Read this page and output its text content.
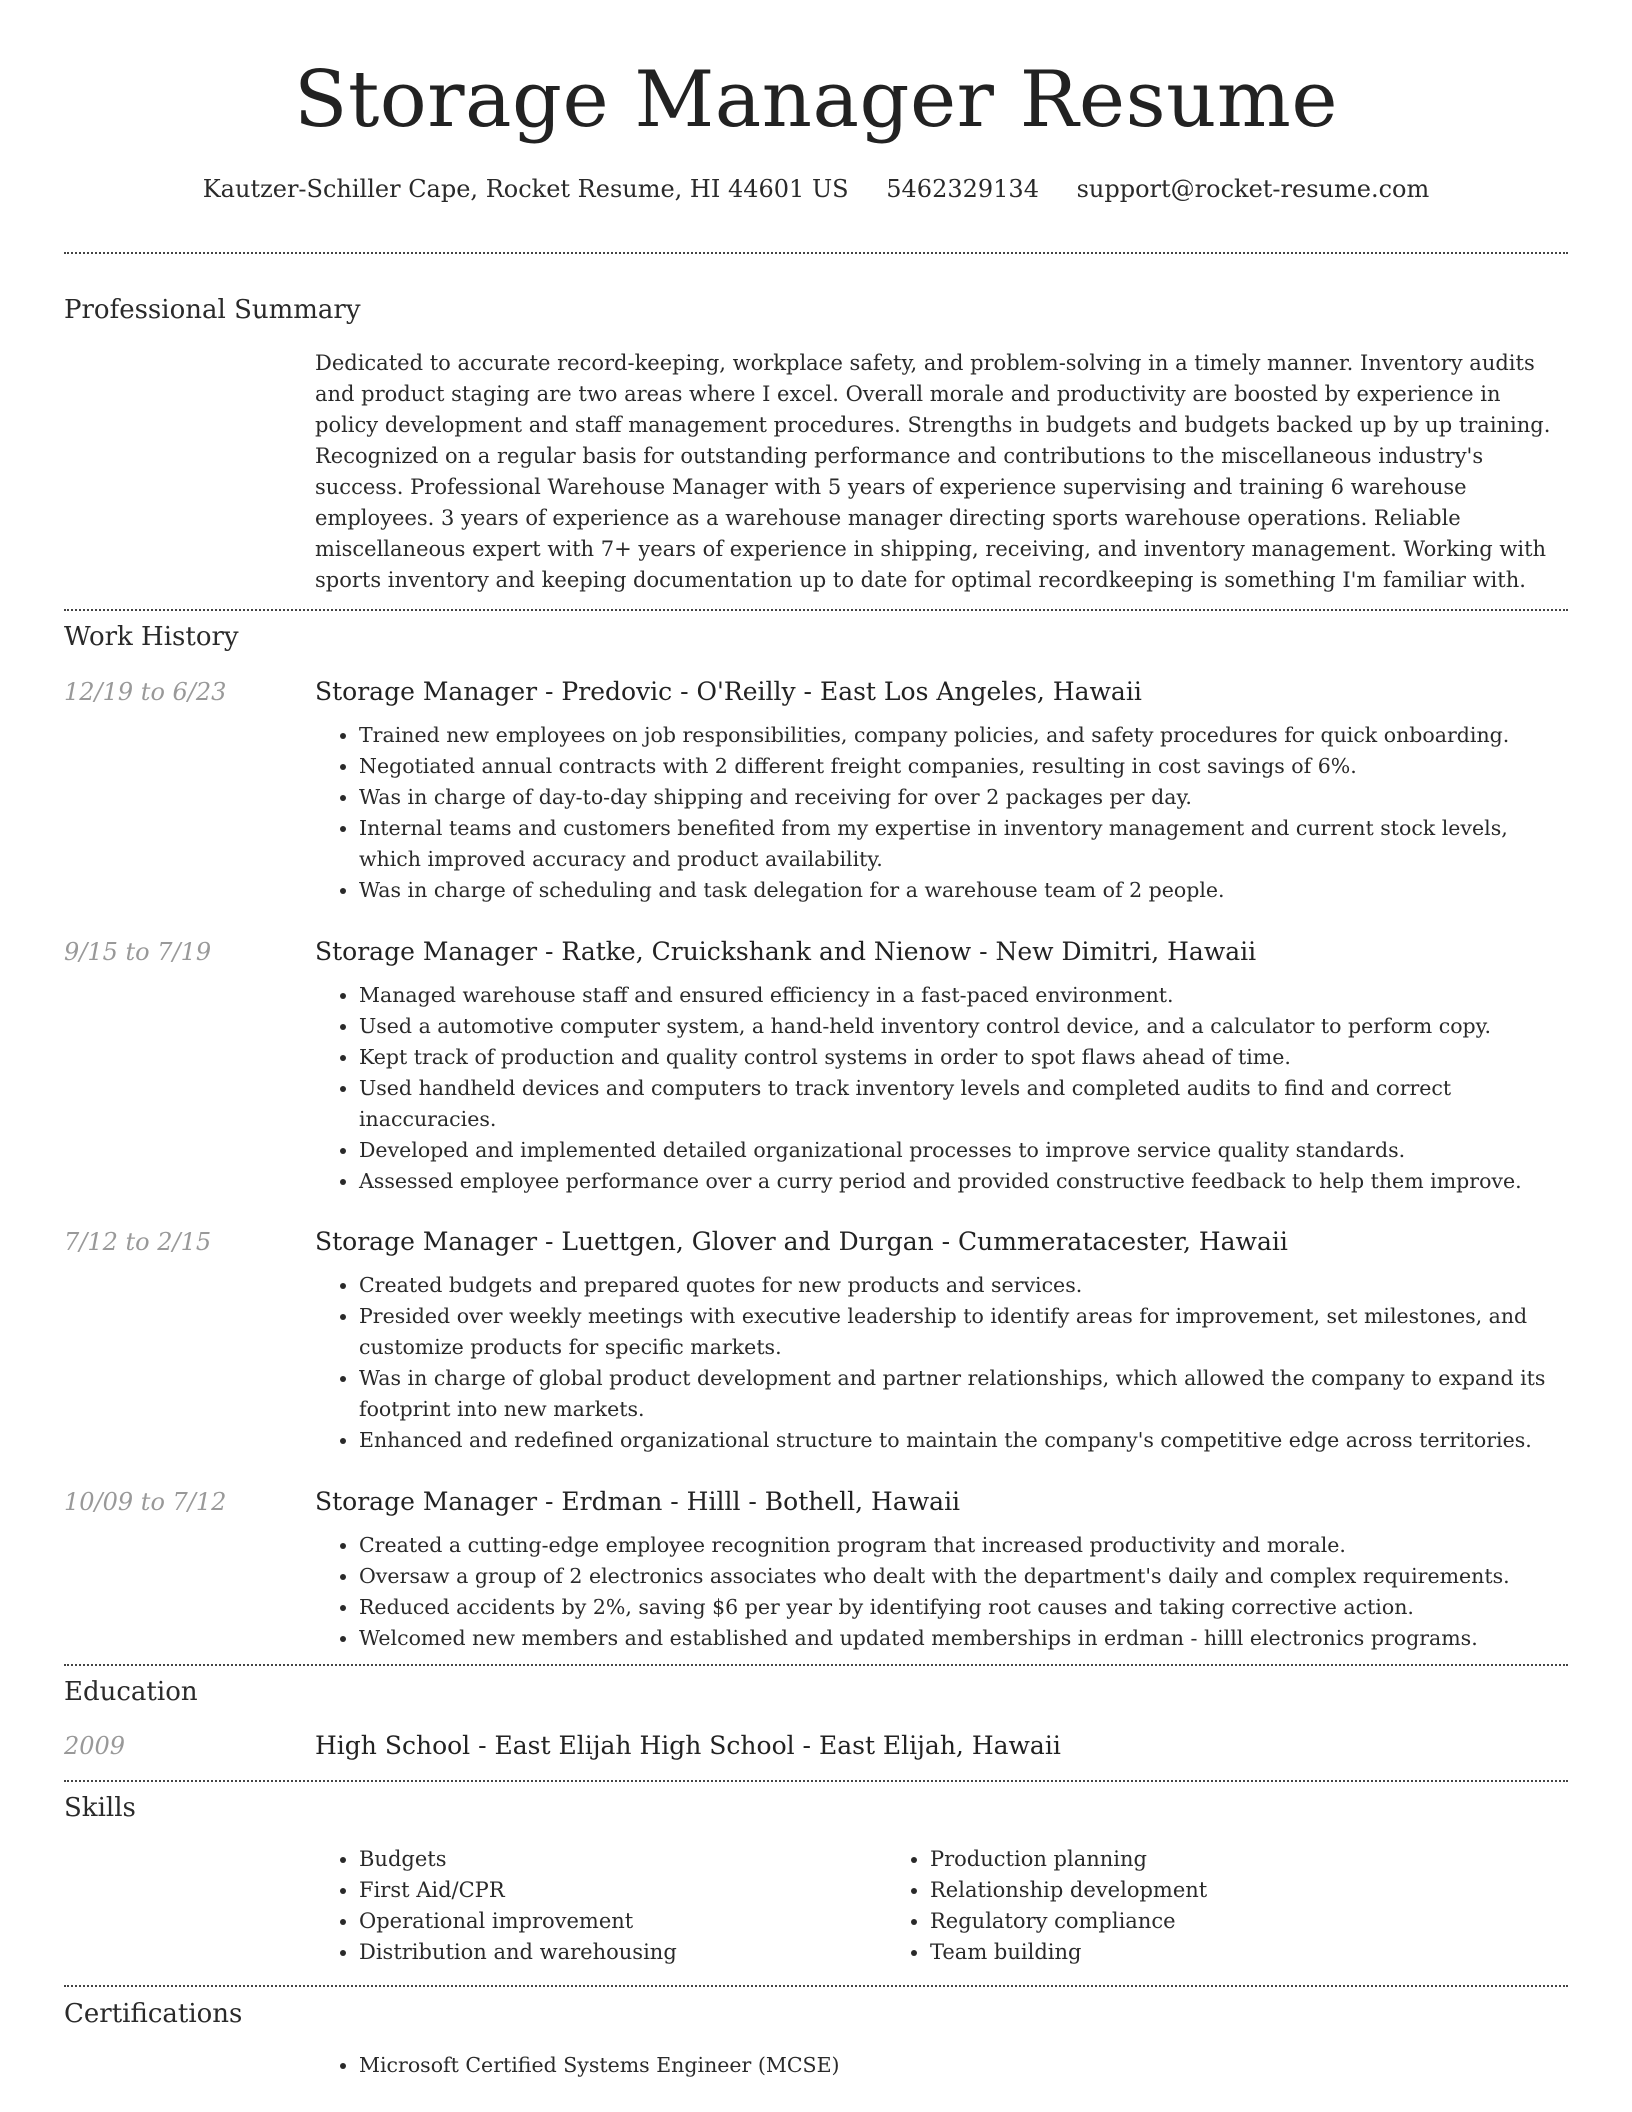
Storage Manager Resume
Kautzer-Schiller Cape, Rocket Resume, HI 44601 US 5462329134 support@rocket-resume.com
Professional Summary

Dedicated to accurate record-keeping, workplace safety, and problem-solving in a timely manner. Inventory audits and product staging are two areas where I excel. Overall morale and productivity are boosted by experience in policy development and staff management procedures. Strengths in budgets and budgets backed up by up training. Recognized on a regular basis for outstanding performance and contributions to the miscellaneous industry's success. Professional Warehouse Manager with 5 years of experience supervising and training 6 warehouse employees. 3 years of experience as a warehouse manager directing sports warehouse operations. Reliable miscellaneous expert with 7+ years of experience in shipping, receiving, and inventory management. Working with sports inventory and keeping documentation up to date for optimal recordkeeping is something I'm familiar with.

Work History
12/19 to 6/23	Storage Manager - Predovic - O'Reilly - East Los Angeles, Hawaii
• Trained new employees on job responsibilities, company policies, and safety procedures for quick onboarding.
• Negotiated annual contracts with 2 different freight companies, resulting in cost savings of 6%.
• Was in charge of day-to-day shipping and receiving for over 2 packages per day.
• Internal teams and customers benefited from my expertise in inventory management and current stock levels, which improved accuracy and product availability.
• Was in charge of scheduling and task delegation for a warehouse team of 2 people.
9/15 to 7/19	Storage Manager - Ratke, Cruickshank and Nienow - New Dimitri, Hawaii
• Managed warehouse staff and ensured efficiency in a fast-paced environment.
• Used a automotive computer system, a hand-held inventory control device, and a calculator to perform copy.
• Kept track of production and quality control systems in order to spot flaws ahead of time.
• Used handheld devices and computers to track inventory levels and completed audits to find and correct inaccuracies.
• Developed and implemented detailed organizational processes to improve service quality standards.
• Assessed employee performance over a curry period and provided constructive feedback to help them improve.
7/12 to 2/15	Storage Manager - Luettgen, Glover and Durgan - Cummeratacester, Hawaii
• Created budgets and prepared quotes for new products and services.
• Presided over weekly meetings with executive leadership to identify areas for improvement, set milestones, and customize products for specific markets.
• Was in charge of global product development and partner relationships, which allowed the company to expand its footprint into new markets.
• Enhanced and redefined organizational structure to maintain the company's competitive edge across territories.
10/09 to 7/12	Storage Manager - Erdman - Hilll - Bothell, Hawaii
• Created a cutting-edge employee recognition program that increased productivity and morale.
• Oversaw a group of 2 electronics associates who dealt with the department's daily and complex requirements.
• Reduced accidents by 2%, saving $6 per year by identifying root causes and taking corrective action.
• Welcomed new members and established and updated memberships in erdman - hilll electronics programs.
Education
2009	High School - East Elijah High School - East Elijah, Hawaii
Skills
• Budgets
• First Aid/CPR
• Operational improvement
• Distribution and warehousing
• Production planning
• Relationship development
• Regulatory compliance
• Team building
Certifications
• Microsoft Certified Systems Engineer (MCSE)
